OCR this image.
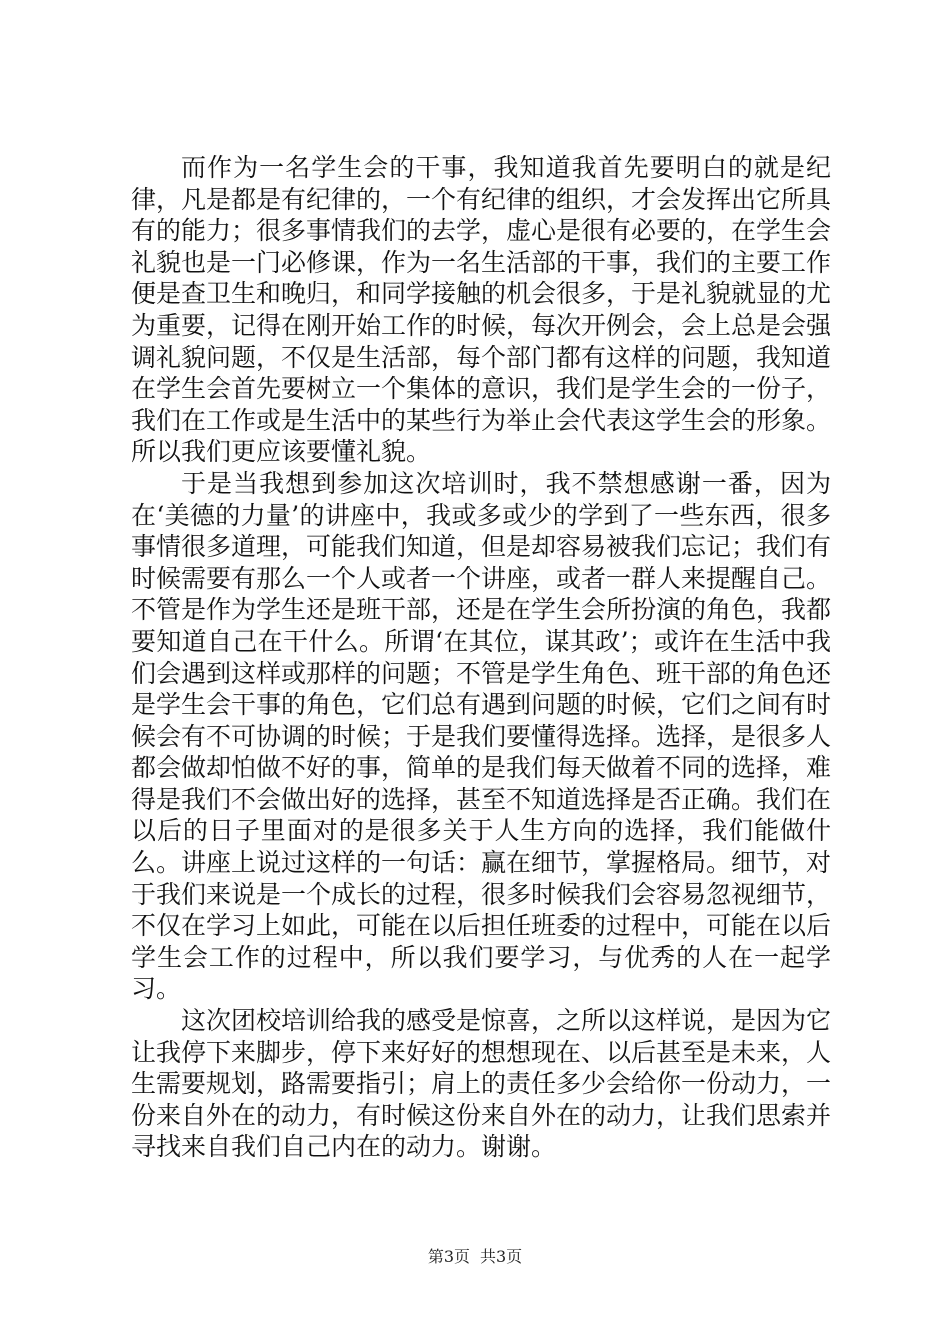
而作为一名学生会的干事，我知道我首先要明白的就是纪律，凡是都是有纪律的，一个有纪律的组织，才会发挥出它所具有的能力；很多事情我们的去学，虚心是很有必要的，在学生会礼貌也是一门必修课，作为一名生活部的干事，我们的主要工作便是查卫生和晚归，和同学接触的机会很多，于是礼貌就显的尤为重要，记得在刚开始工作的时候，每次开例会，会上总是会强调礼貌问题，不仅是生活部，每个部门都有这样的问题，我知道在学生会首先要树立一个集体的意识，我们是学生会的一份子，我们在工作或是生活中的某些行为举止会代表这学生会的形象。所以我们更应该要懂礼貌。

于是当我想到参加这次培训时，我不禁想感谢一番，因为在‘美德的力量’的讲座中，我或多或少的学到了一些东西，很多事情很多道理，可能我们知道，但是却容易被我们忘记；我们有时候需要有那么一个人或者一个讲座，或者一群人来提醒自己。不管是作为学生还是班干部，还是在学生会所扮演的角色，我都要知道自己在干什么。所谓‘在其位，谋其政’；或许在生活中我们会遇到这样或那样的问题；不管是学生角色、班干部的角色还是学生会干事的角色，它们总有遇到问题的时候，它们之间有时候会有不可协调的时候；于是我们要懂得选择。选择，是很多人都会做却怕做不好的事，简单的是我们每天做着不同的选择，难得是我们不会做出好的选择，甚至不知道选择是否正确。我们在以后的日子里面对的是很多关于人生方向的选择，我们能做什么。讲座上说过这样的一句话：赢在细节，掌握格局。细节，对于我们来说是一个成长的过程，很多时候我们会容易忽视细节，不仅在学习上如此，可能在以后担任班委的过程中，可能在以后学生会工作的过程中，所以我们要学习，与优秀的人在一起学习。

这次团校培训给我的感受是惊喜，之所以这样说，是因为它让我停下来脚步，停下来好好的想想现在、以后甚至是未来，人生需要规划，路需要指引；肩上的责任多少会给你一份动力，一份来自外在的动力，有时候这份来自外在的动力，让我们思索并寻找来自我们自己内在的动力。谢谢。

第3页 共3页
